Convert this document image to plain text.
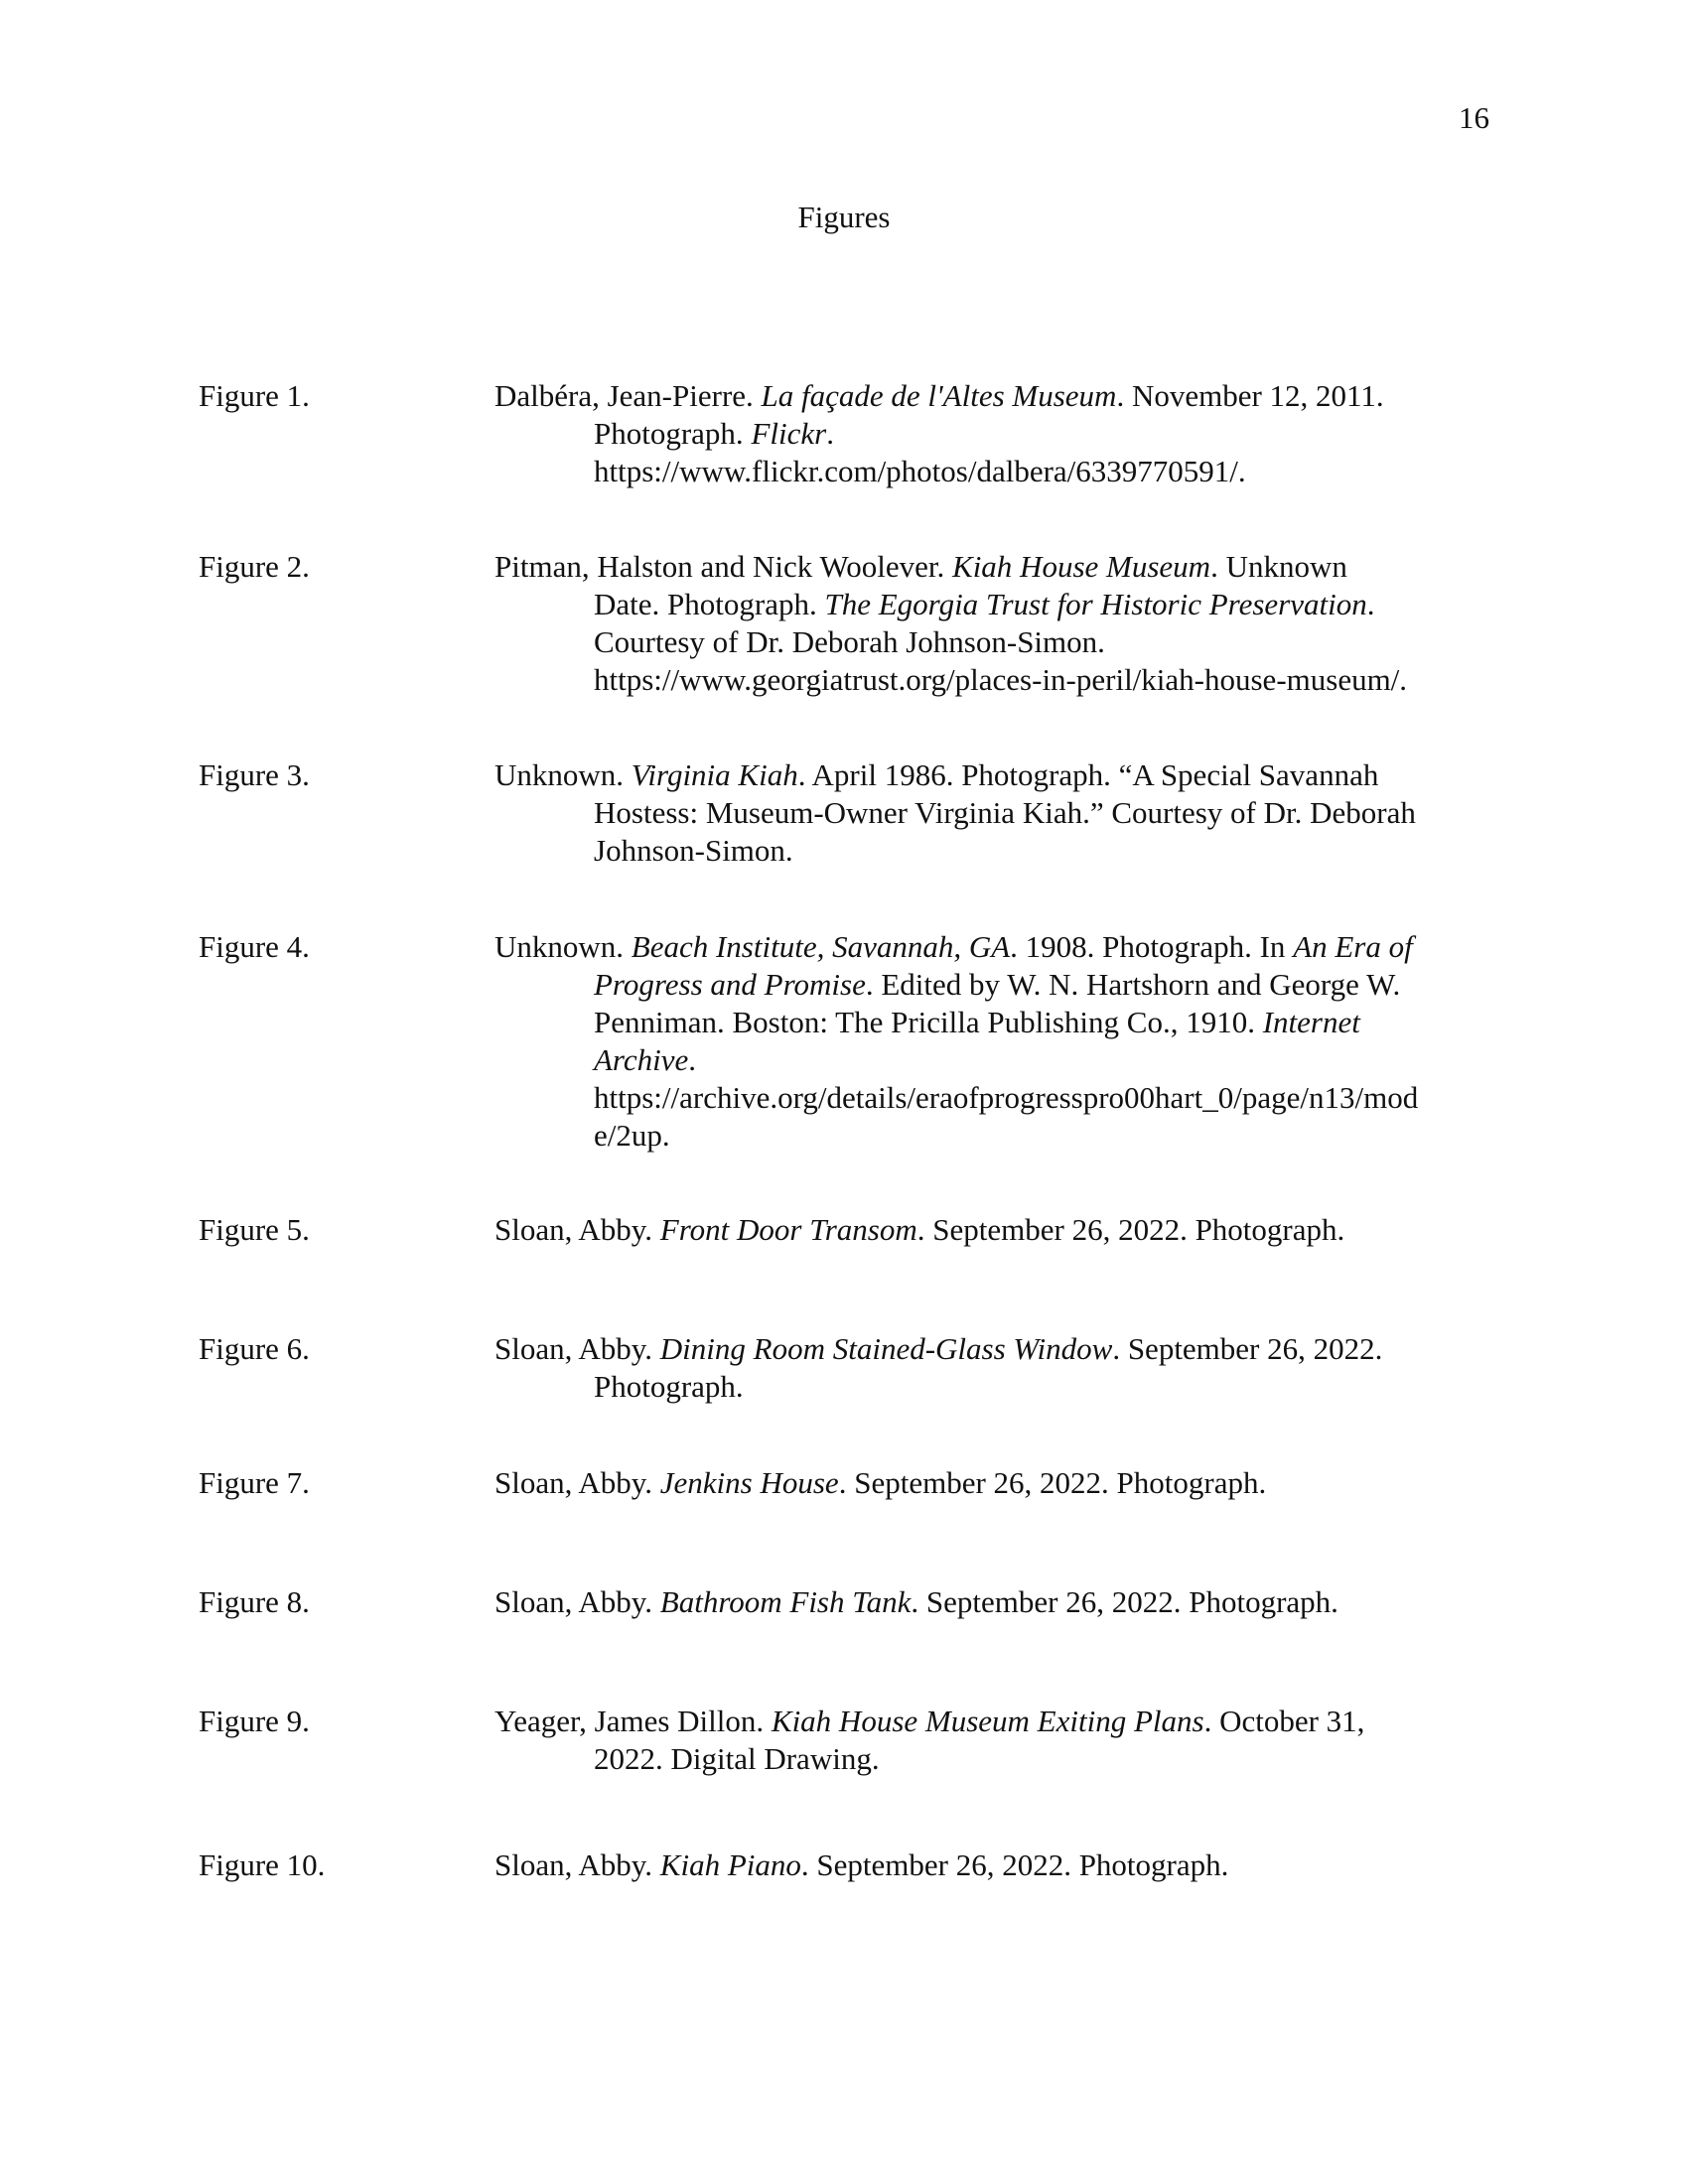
16
Figures
Figure 1.	Dalbéra, Jean-Pierre. La façade de l'Altes Museum. November 12, 2011.
Photograph. Flickr.
https://www.flickr.com/photos/dalbera/6339770591/.
Figure 2.	Pitman, Halston and Nick Woolever. Kiah House Museum. Unknown
Date. Photograph. The Egorgia Trust for Historic Preservation.
Courtesy of Dr. Deborah Johnson-Simon.
https://www.georgiatrust.org/places-in-peril/kiah-house-museum/.
Figure 3.	Unknown. Virginia Kiah. April 1986. Photograph. “A Special Savannah
Hostess: Museum-Owner Virginia Kiah.” Courtesy of Dr. Deborah
Johnson-Simon.
Figure 4.	Unknown. Beach Institute, Savannah, GA. 1908. Photograph. In An Era of
Progress and Promise. Edited by W. N. Hartshorn and George W.
Penniman. Boston: The Pricilla Publishing Co., 1910. Internet
Archive.
https://archive.org/details/eraofprogresspro00hart_0/page/n13/mod
e/2up.
Figure 5.	Sloan, Abby. Front Door Transom. September 26, 2022. Photograph.
Figure 6.	Sloan, Abby. Dining Room Stained-Glass Window. September 26, 2022.
Photograph.
Figure 7.	Sloan, Abby. Jenkins House. September 26, 2022. Photograph.
Figure 8.	Sloan, Abby. Bathroom Fish Tank. September 26, 2022. Photograph.
Figure 9.	Yeager, James Dillon. Kiah House Museum Exiting Plans. October 31,
2022. Digital Drawing.
Figure 10.	Sloan, Abby. Kiah Piano. September 26, 2022. Photograph.
